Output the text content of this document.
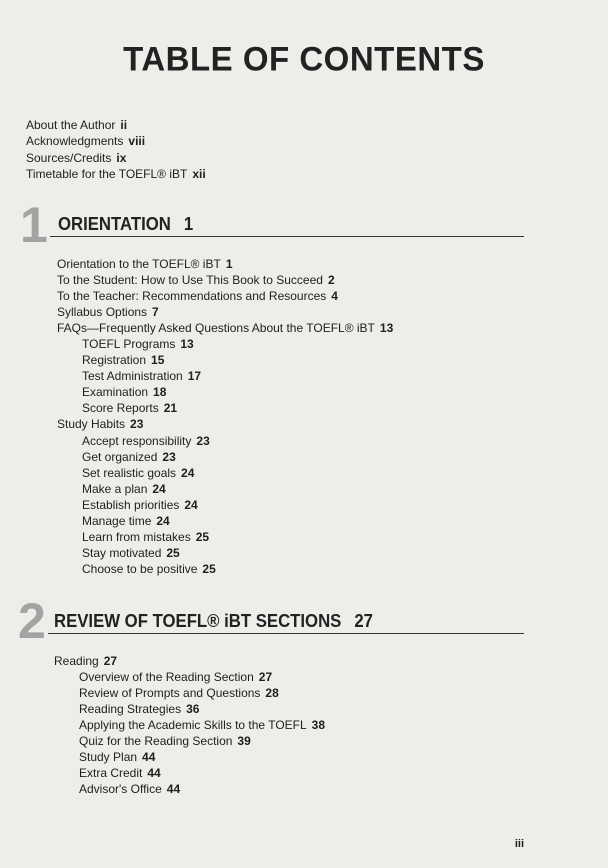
TABLE OF CONTENTS
About the Author ii
Acknowledgments viii
Sources/Credits ix
Timetable for the TOEFL® iBT xii
1 ORIENTATION 1
Orientation to the TOEFL® iBT 1
To the Student: How to Use This Book to Succeed 2
To the Teacher: Recommendations and Resources 4
Syllabus Options 7
FAQs—Frequently Asked Questions About the TOEFL® iBT 13
TOEFL Programs 13
Registration 15
Test Administration 17
Examination 18
Score Reports 21
Study Habits 23
Accept responsibility 23
Get organized 23
Set realistic goals 24
Make a plan 24
Establish priorities 24
Manage time 24
Learn from mistakes 25
Stay motivated 25
Choose to be positive 25
2 REVIEW OF TOEFL® iBT SECTIONS 27
Reading 27
Overview of the Reading Section 27
Review of Prompts and Questions 28
Reading Strategies 36
Applying the Academic Skills to the TOEFL 38
Quiz for the Reading Section 39
Study Plan 44
Extra Credit 44
Advisor's Office 44
iii
